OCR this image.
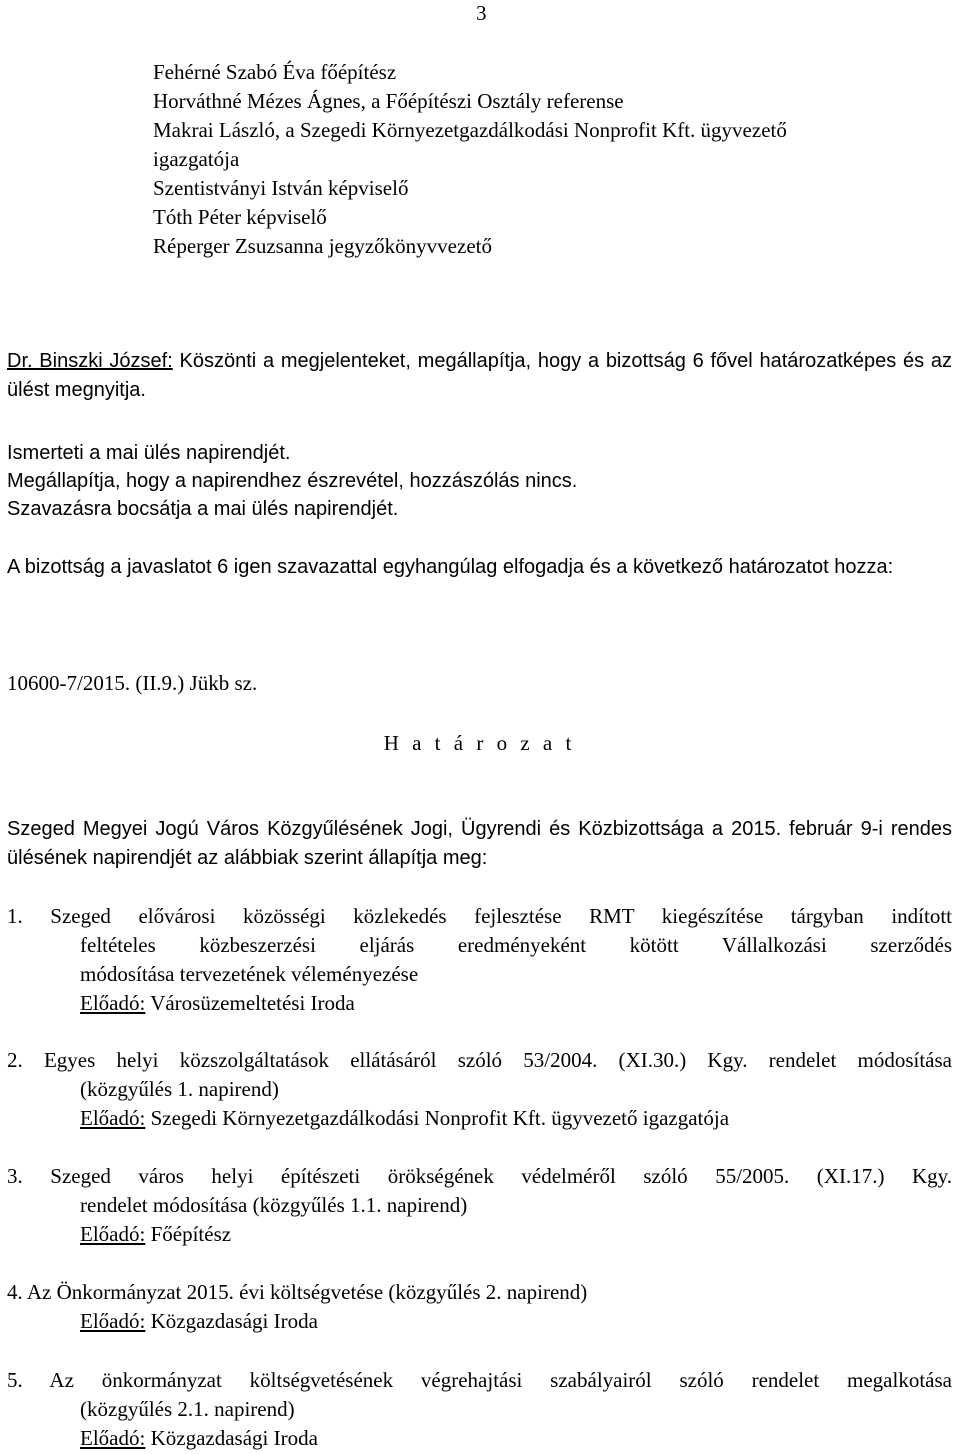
3
Fehérné Szabó Éva főépítész
Horváthné Mézes Ágnes, a Főépítészi Osztály referense
Makrai László, a Szegedi Környezetgazdálkodási Nonprofit Kft. ügyvezető
igazgatója
Szentistványi István képviselő
Tóth Péter képviselő
Réperger Zsuzsanna jegyzőkönyvvezető
Dr. Binszki József: Köszönti a megjelenteket, megállapítja, hogy a bizottság 6 fővel határozatképes és az ülést megnyitja.
Ismerteti a mai ülés napirendjét.
Megállapítja, hogy a napirendhez észrevétel, hozzászólás nincs.
Szavazásra bocsátja a mai ülés napirendjét.
A bizottság a javaslatot 6 igen szavazattal egyhangúlag elfogadja és a következő határozatot hozza:
10600-7/2015. (II.9.) Jükb sz.
H a t á r o z a t
Szeged Megyei Jogú Város Közgyűlésének Jogi, Ügyrendi és Közbizottsága a 2015. február 9-i rendes ülésének napirendjét az alábbiak szerint állapítja meg:
1. Szeged elővárosi közösségi közlekedés fejlesztése RMT kiegészítése tárgyban indított
feltételes közbeszerzési eljárás eredményeként kötött Vállalkozási szerződés
módosítása tervezetének véleményezése
Előadó: Városüzemeltetési Iroda
2. Egyes helyi közszolgáltatások ellátásáról szóló 53/2004. (XI.30.) Kgy. rendelet módosítása
(közgyűlés 1. napirend)
Előadó: Szegedi Környezetgazdálkodási Nonprofit Kft. ügyvezető igazgatója
3. Szeged város helyi építészeti örökségének védelméről szóló 55/2005. (XI.17.) Kgy.
rendelet módosítása (közgyűlés 1.1. napirend)
Előadó: Főépítész
4. Az Önkormányzat 2015. évi költségvetése (közgyűlés 2. napirend)
Előadó: Közgazdasági Iroda
5. Az önkormányzat költségvetésének végrehajtási szabályairól szóló rendelet megalkotása
(közgyűlés 2.1. napirend)
Előadó: Közgazdasági Iroda
